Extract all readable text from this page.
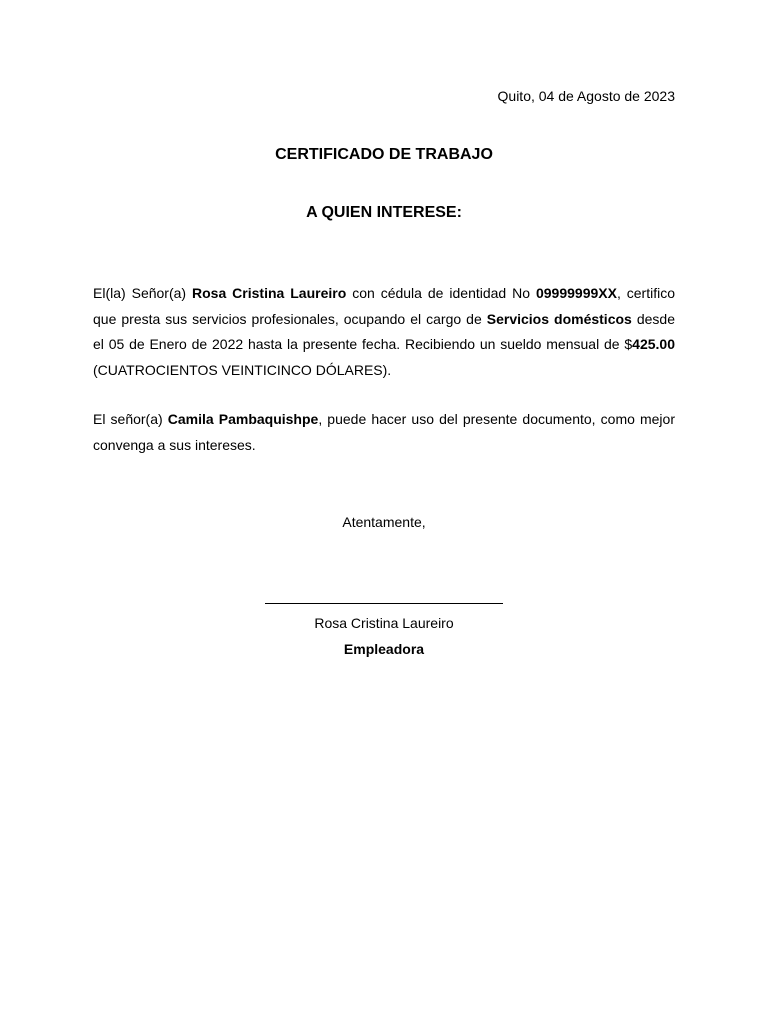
Quito, 04 de Agosto de 2023
CERTIFICADO DE TRABAJO
A QUIEN INTERESE:

El(la) Señor(a) Rosa Cristina Laureiro con cédula de identidad No 09999999XX, certifico que presta sus servicios profesionales, ocupando el cargo de Servicios domésticos desde el 05 de Enero de 2022 hasta la presente fecha. Recibiendo un sueldo mensual de $425.00 (CUATROCIENTOS VEINTICINCO DÓLARES).

El señor(a) Camila Pambaquishpe, puede hacer uso del presente documento, como mejor convenga a sus intereses.

Atentamente,
Rosa Cristina Laureiro
Empleadora
